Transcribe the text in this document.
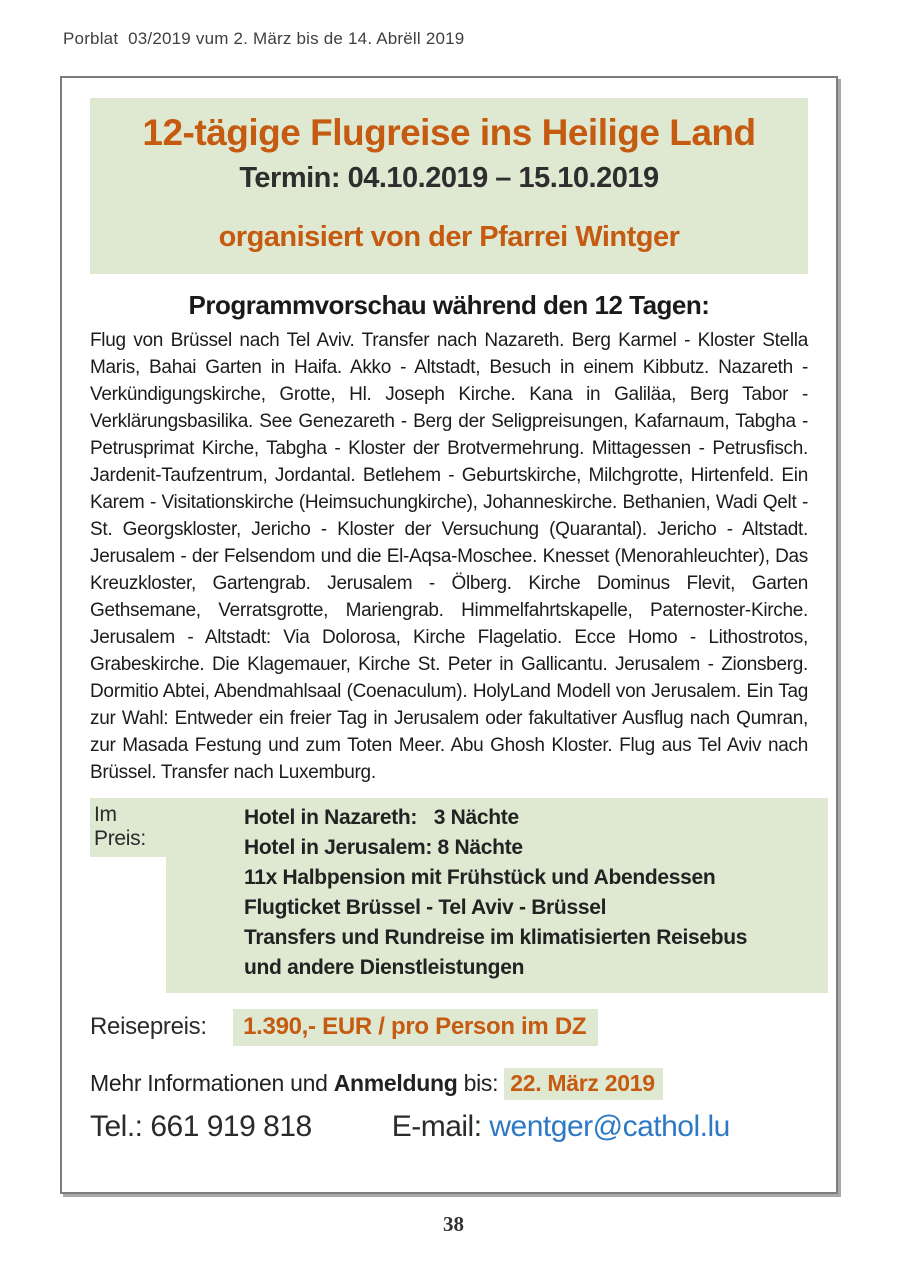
Porblat  03/2019 vum 2. März bis de 14. Abrëll 2019
12-tägige Flugreise ins Heilige Land
Termin: 04.10.2019 – 15.10.2019
organisiert von der Pfarrei Wintger
Programmvorschau während den 12 Tagen:
Flug von Brüssel nach Tel Aviv. Transfer nach Nazareth. Berg Karmel - Kloster Stella Maris, Bahai Garten in Haifa. Akko - Altstadt, Besuch in einem Kibbutz. Nazareth - Verkündigungskirche, Grotte, Hl. Joseph Kirche. Kana in Galiläa, Berg Tabor - Verklärungsbasilika. See Genezareth - Berg der Seligpreisungen, Kafarnaum, Tabgha - Petrusprimat Kirche, Tabgha - Kloster der Brotvermehrung. Mittagessen - Petrusfisch. Jardenit-Taufzentrum, Jordantal. Betlehem - Geburtskirche, Milchgrotte, Hirtenfeld. Ein Karem - Visitationskirche (Heimsuchungkirche), Johanneskirche. Bethanien, Wadi Qelt - St. Georgskloster, Jericho - Kloster der Versuchung (Quarantal). Jericho - Altstadt. Jerusalem - der Felsendom und die El-Aqsa-Moschee. Knesset (Menorahleuchter), Das Kreuzkloster, Gartengrab. Jerusalem - Ölberg. Kirche Dominus Flevit, Garten Gethsemane, Verratsgrotte, Mariengrab. Himmelfahrtskapelle, Paternoster-Kirche. Jerusalem - Altstadt: Via Dolorosa, Kirche Flagelatio. Ecce Homo - Lithostrotos, Grabeskirche. Die Klagemauer, Kirche St. Peter in Gallicantu. Jerusalem - Zionsberg. Dormitio Abtei, Abendmahlsaal (Coenaculum). HolyLand Modell von Jerusalem. Ein Tag zur Wahl: Entweder ein freier Tag in Jerusalem oder fakultativer Ausflug nach Qumran, zur Masada Festung und zum Toten Meer. Abu Ghosh Kloster. Flug aus Tel Aviv nach Brüssel. Transfer nach Luxemburg.
Im Preis:
Hotel in Nazareth:   3 Nächte
Hotel in Jerusalem: 8 Nächte
11x Halbpension mit Frühstück und Abendessen
Flugticket Brüssel - Tel Aviv - Brüssel
Transfers und Rundreise im klimatisierten Reisebus
und andere Dienstleistungen
Reisepreis: 1.390,- EUR / pro Person im DZ
Mehr Informationen und Anmeldung bis: 22. März 2019
Tel.: 661 919 818	E-mail: wentger@cathol.lu
38
